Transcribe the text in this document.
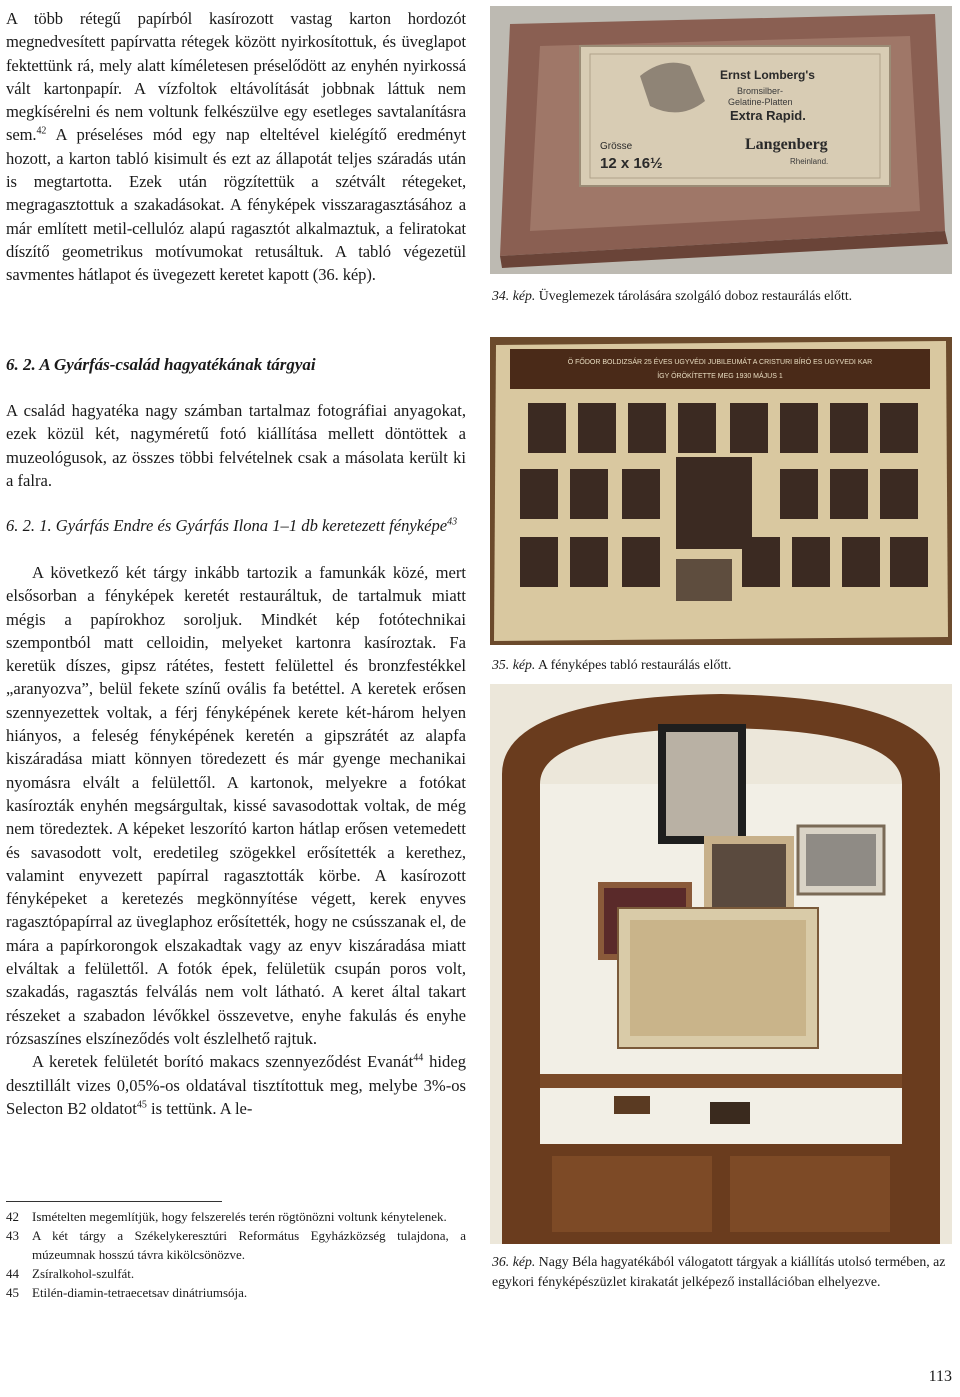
A több rétegű papírból kasírozott vastag karton hordozót megnedvesített papírvatta rétegek között nyirkosítottuk, és üveglapot fektettünk rá, mely alatt kíméletesen préselődött az enyhén nyirkossá vált kartonpapír. A vízfoltok eltávolítását jobbnak láttuk nem megkísérelni és nem voltunk felkészülve egy esetleges savtalanításra sem.$^{42}$ A préseléses mód egy nap elteltével kielégítő eredményt hozott, a karton tabló kisimult és ezt az állapotát teljes száradás után is megtartotta. Ezek után rögzítettük a szétvált rétegeket, megragasztottuk a szakadásokat. A fényképek visszaragasztásához a már említett metil-cellulóz alapú ragasztót alkalmaztuk, a feliratokat díszítő geometrikus motívumokat retusáltuk. A tabló végezetül savmentes hátlapot és üvegezett keretet kapott (36. kép).

6. 2. A Gyárfás-család hagyatékának tárgyai

A család hagyatéka nagy számban tartalmaz fotográfiai anyagokat, ezek közül két, nagyméretű fotó kiállítása mellett döntöttek a muzeológusok, az összes többi felvételnek csak a másolata került ki a falra.

6. 2. 1. Gyárfás Endre és Gyárfás Ilona 1–1 db keretezett fényképe$^{43}$

A következő két tárgy inkább tartozik a famunkák közé, mert elsősorban a fényképek keretét restauráltuk, de tartalmuk miatt mégis a papírokhoz soroljuk. Mindkét kép fotótechnikai szempontból matt celloidin, melyeket kartonra kasíroztak. Fa keretük díszes, gipsz rátétes, festett felülettel és bronzfestékkel „aranyozva”, belül fekete színű ovális fa betéttel. A keretek erősen szennyezettek voltak, a férj fényképének kerete két-három helyen hiányos, a feleség fényképének keretén a gipszrátét az alapfa kiszáradása miatt könnyen töredezett és már gyenge mechanikai nyomásra elvált a felülettől. A kartonok, melyekre a fotókat kasírozták enyhén megsárgultak, kissé savasodottak voltak, de még nem töredeztek. A képeket leszorító karton hátlap erősen vetemedett és savasodott volt, eredetileg szögekkel erősítették a kerethez, valamint enyvezett papírral ragasztották körbe. A kasírozott fényképeket a keretezés megkönnyítése végett, kerek enyves ragasztópapírral az üveglaphoz erősítették, hogy ne csússzanak el, de mára a papírkorongok elszakadtak vagy az enyv kiszáradása miatt elváltak a felülettől. A fotók épek, felületük csupán poros volt, szakadás, ragasztás felválás nem volt látható. A keret által takart részeket a szabadon lévőkkel összevetve, enyhe fakulás és enyhe rózsaszínes elszíneződés volt észlelhető rajtuk.

A keretek felületét borító makacs szennyeződést Evanát$^{44}$ hideg desztillált vizes 0,05%-os oldatával tisztítottuk meg, melybe 3%-os Selecton B2 oldatot$^{45}$ is tettünk. A le-

42	Ismételten megemlítjük, hogy felszerelés terén rögtönözni voltunk kénytelenek.
43	A két tárgy a Székelykeresztúri Református Egyházközség tulajdona, a múzeumnak hosszú távra kikölcsönözve.
44	Zsíralkohol-szulfát.
45	Etilén-diamin-tetraecetsav dinátriumsója.
Ernst Lomberg's
Bromsilber-
Gelatine-Platten
Extra Rapid.
Grösse
12 x 16½
Langenberg
Rheinland.
34. kép. Üveglemezek tárolására szolgáló doboz restaurálás előtt.
Ö FŐDOR BOLDIZSÁR 25 ÉVES UGYVÉDI JUBILEUMÁT A CRISTURI BÍRÓ ES UGYVEDI KAR
ÍGY ÖRÖKÍTETTE MEG 1930 MÁJUS 1
35. kép. A fényképes tabló restaurálás előtt.
36. kép. Nagy Béla hagyatékából válogatott tárgyak a kiállítás utolsó termében, az egykori fényképészüzlet kirakatát jelképező installációban elhelyezve.
113
